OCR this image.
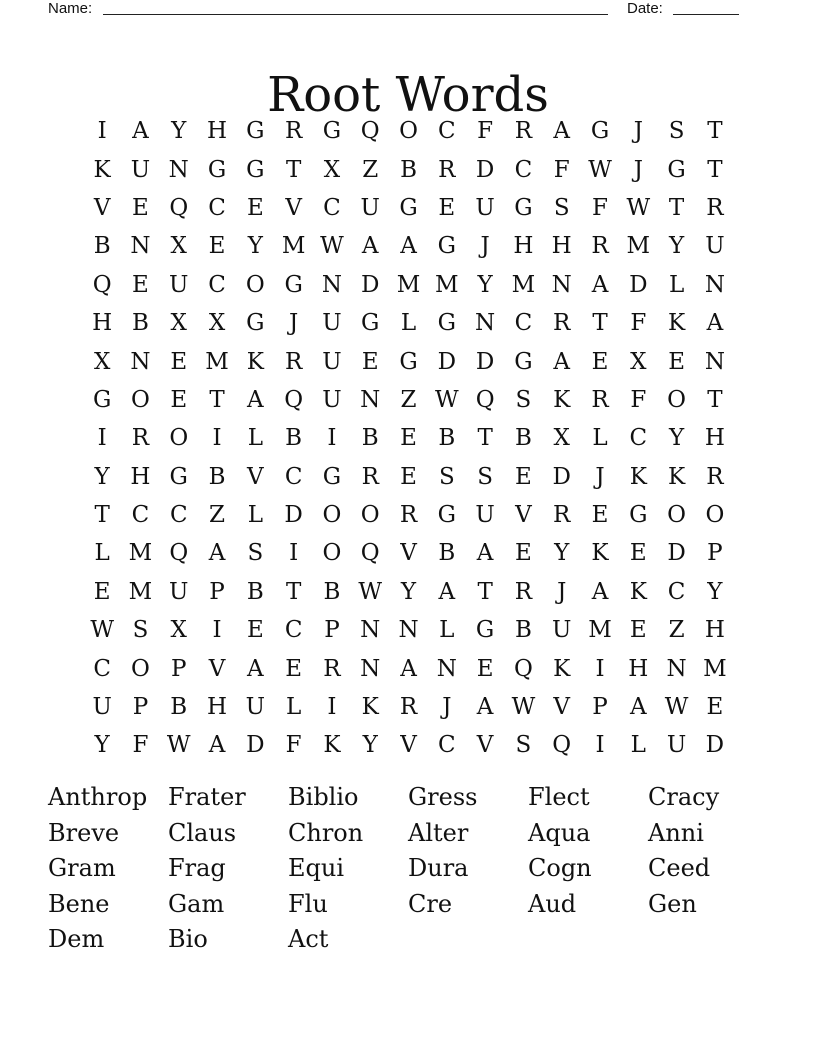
Name:	Date:
Root Words
I	A Y H G R G Q O C F R A G	J	S T
K U N G G T X Z B R D C F W J	G T
V E Q C E V C U G E U G S F W T R
B N X E Y M W A A G	J	H H R M Y U
Q E U C O G N D M M Y M N A D L N
H B X X G	J	U G L G N C R T F K A
X N E M K R U E G D D G A E X E N
G O E T A Q U N Z W Q S K R F O T
I	R O	I	L B	I	B E B T B X L C Y H
Y H G B V C G R E S S E D	J	K K R
T C C Z L D O O R G U V R E G O O
L M Q A S	I	O Q V B A E Y K E D P
E M U P B T B W Y A T R	J	A K C Y
W S X	I	E C P N N L G B U M E Z H
C O P V A E R N A N E Q K	I	H N M
U P B H U L	I	K R	J	A W V P A W E
Y F W A D F K Y V C V S Q	I	L U D
Anthrop Frater	Biblio	Gress	Flect	Cracy
Breve	Claus	Chron	Alter	Aqua	Anni
Gram	Frag	Equi	Dura	Cogn	Ceed
Bene	Gam	Flu	Cre	Aud	Gen
Dem	Bio	Act
